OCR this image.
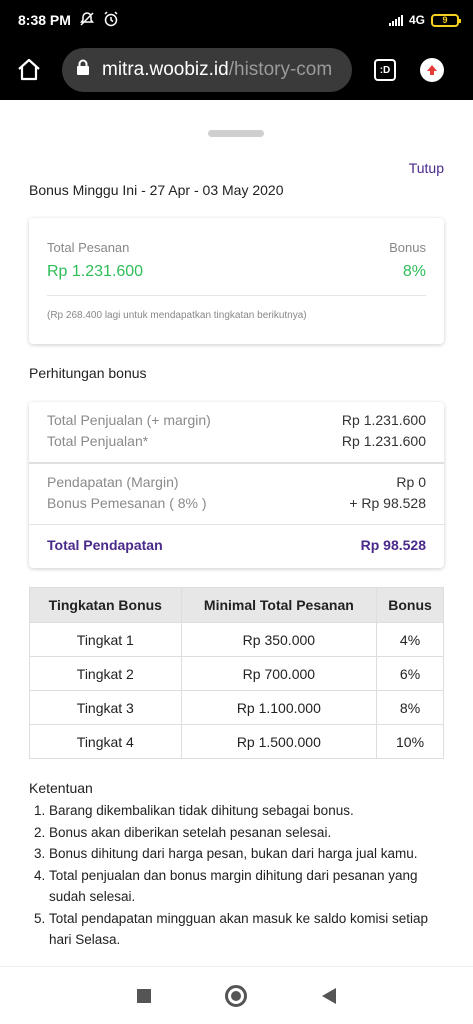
8:38 PM	4G	9
mitra.woobiz.id /history-com	:D
Tutup
Bonus Minggu Ini - 27 Apr - 03 May 2020
Total Pesanan
Rp 1.231.600
Bonus
8%
(Rp 268.400 lagi untuk mendapatkan tingkatan berikutnya)
Perhitungan bonus
Total Penjualan (+ margin)	Rp 1.231.600
Total Penjualan*	Rp 1.231.600
Pendapatan (Margin)	Rp 0
Bonus Pemesanan ( 8% )	+ Rp 98.528
Total Pendapatan	Rp 98.528
Tingkatan Bonus	Minimal Total Pesanan	Bonus
Tingkat 1	Rp 350.000	4%
Tingkat 2	Rp 700.000	6%
Tingkat 3	Rp 1.100.000	8%
Tingkat 4	Rp 1.500.000	10%
Ketentuan
1. Barang dikembalikan tidak dihitung sebagai bonus.
2. Bonus akan diberikan setelah pesanan selesai.
3. Bonus dihitung dari harga pesan, bukan dari harga jual kamu.
4. Total penjualan dan bonus margin dihitung dari pesanan yang sudah selesai.
5. Total pendapatan mingguan akan masuk ke saldo komisi setiap hari Selasa.
